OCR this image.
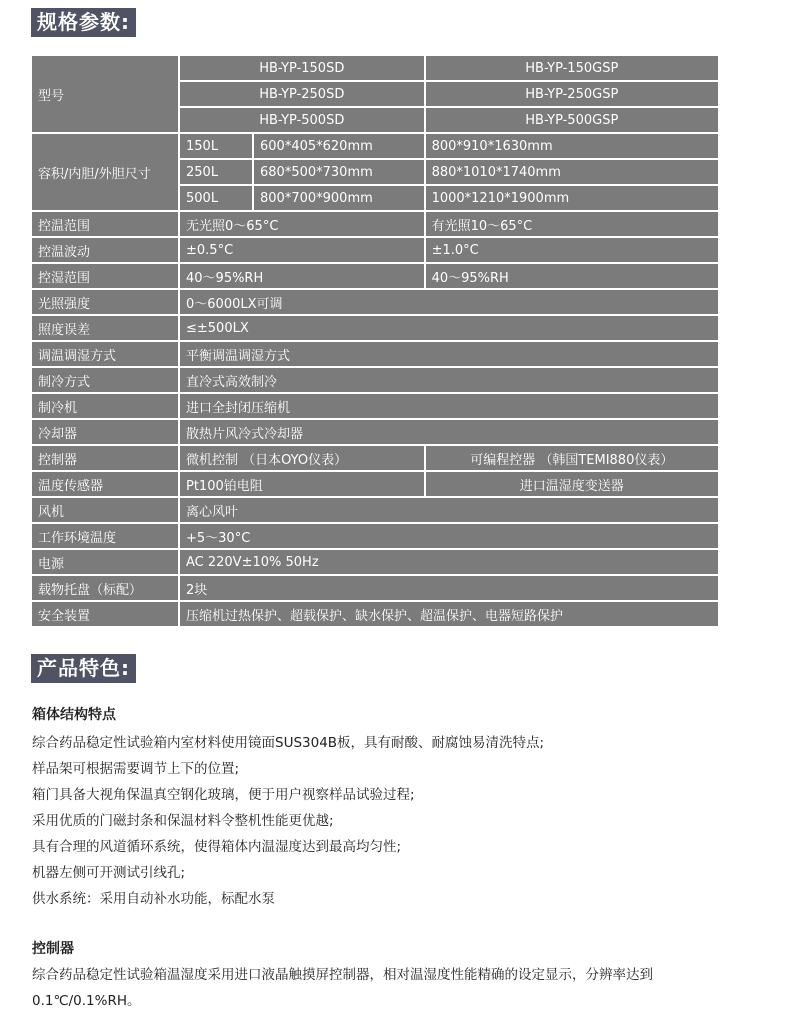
规格参数:
型号	HB-YP-150SD		HB-YP-150GSP
	HB-YP-250SD		HB-YP-250GSP
	HB-YP-500SD		HB-YP-500GSP
容积/内胆/外胆尺寸	150L	600*405*620mm	800*910*1630mm
	250L	680*500*730mm	880*1010*1740mm
	500L	800*700*900mm	1000*1210*1900mm
控温范围	无光照0～65°C		有光照10～65°C
控温波动	±0.5°C		±1.0°C
控湿范围	40～95%RH		40～95%RH
光照强度	0～6000LX可调		
照度误差	≤±500LX		
调温调湿方式	平衡调温调湿方式		
制冷方式	直冷式高效制冷		
制冷机	进口全封闭压缩机		
冷却器	散热片风冷式冷却器		
控制器	微机控制 （日本OYO仪表）		可编程控器 （韩国TEMI880仪表）
温度传感器	Pt100铂电阻		进口温湿度变送器
风机	离心风叶		
工作环境温度	+5～30°C		
电源	AC 220V±10% 50Hz		
载物托盘（标配）	2块		
安全装置	压缩机过热保护、超载保护、缺水保护、超温保护、电器短路保护		
产品特色:
箱体结构特点

综合药品稳定性试验箱内室材料使用镜面SUS304B板，具有耐酸、耐腐蚀易清洗特点;

样品架可根据需要调节上下的位置;

箱门具备大视角保温真空钢化玻璃，便于用户视察样品试验过程;

采用优质的门磁封条和保温材料令整机性能更优越;

具有合理的风道循环系统，使得箱体内温湿度达到最高均匀性;

机器左侧可开测试引线孔;

供水系统：采用自动补水功能，标配水泵

控制器

综合药品稳定性试验箱温湿度采用进口液晶触摸屏控制器，相对温湿度性能精确的设定显示，分辨率达到

0.1℃/0.1%RH。
